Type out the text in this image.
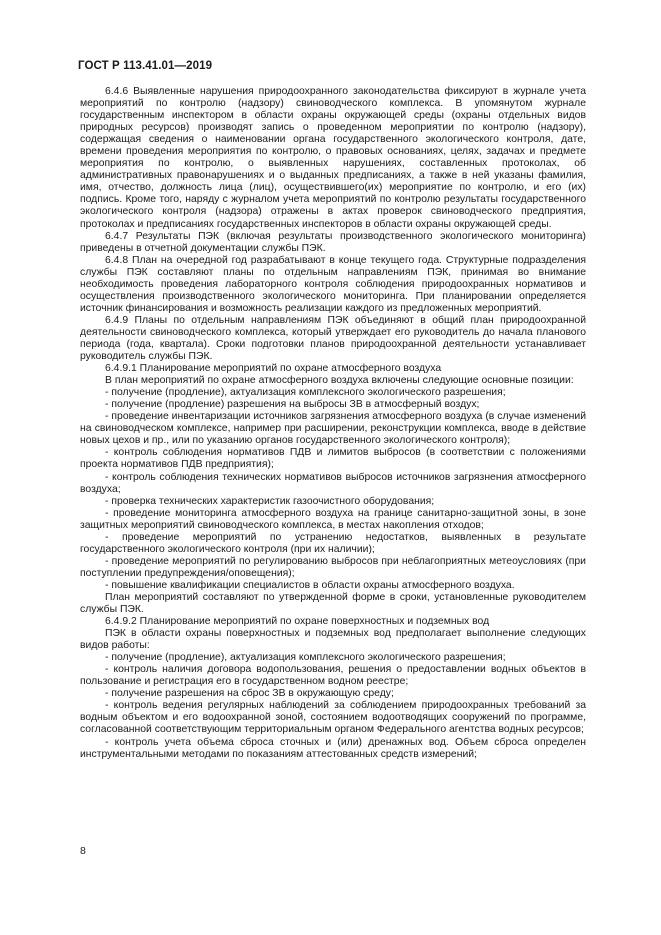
ГОСТ Р 113.41.01—2019

6.4.6 Выявленные нарушения природоохранного законодательства фиксируют в журнале учета мероприятий по контролю (надзору) свиноводческого комплекса. В упомянутом журнале государственным инспектором в области охраны окружающей среды (охраны отдельных видов природных ресурсов) производят запись о проведенном мероприятии по контролю (надзору), содержащая сведения о наименовании органа государственного экологического контроля, дате, времени проведения мероприятия по контролю, о правовых основаниях, целях, задачах и предмете мероприятия по контролю, о выявленных нарушениях, составленных протоколах, об административных правонарушениях и о выданных предписаниях, а также в ней указаны фамилия, имя, отчество, должность лица (лиц), осуществившего(их) мероприятие по контролю, и его (их) подпись. Кроме того, наряду с журналом учета мероприятий по контролю результаты государственного экологического контроля (надзора) отражены в актах проверок свиноводческого предприятия, протоколах и предписаниях государственных инспекторов в области охраны окружающей среды.

6.4.7 Результаты ПЭК (включая результаты производственного экологического мониторинга) приведены в отчетной документации службы ПЭК.

6.4.8 План на очередной год разрабатывают в конце текущего года. Структурные подразделения службы ПЭК составляют планы по отдельным направлениям ПЭК, принимая во внимание необходимость проведения лабораторного контроля соблюдения природоохранных нормативов и осуществления производственного экологического мониторинга. При планировании определяется источник финансирования и возможность реализации каждого из предложенных мероприятий.

6.4.9 Планы по отдельным направлениям ПЭК объединяют в общий план природоохранной деятельности свиноводческого комплекса, который утверждает его руководитель до начала планового периода (года, квартала). Сроки подготовки планов природоохранной деятельности устанавливает руководитель службы ПЭК.

6.4.9.1 Планирование мероприятий по охране атмосферного воздуха

В план мероприятий по охране атмосферного воздуха включены следующие основные позиции:

- получение (продление), актуализация комплексного экологического разрешения;

- получение (продление) разрешения на выбросы ЗВ в атмосферный воздух;

- проведение инвентаризации источников загрязнения атмосферного воздуха (в случае изменений на свиноводческом комплексе, например при расширении, реконструкции комплекса, вводе в действие новых цехов и пр., или по указанию органов государственного экологического контроля);

- контроль соблюдения нормативов ПДВ и лимитов выбросов (в соответствии с положениями проекта нормативов ПДВ предприятия);

- контроль соблюдения технических нормативов выбросов источников загрязнения атмосферного воздуха;

- проверка технических характеристик газоочистного оборудования;

- проведение мониторинга атмосферного воздуха на границе санитарно-защитной зоны, в зоне защитных мероприятий свиноводческого комплекса, в местах накопления отходов;

- проведение мероприятий по устранению недостатков, выявленных в результате государственного экологического контроля (при их наличии);

- проведение мероприятий по регулированию выбросов при неблагоприятных метеоусловиях (при поступлении предупреждения/оповещения);

- повышение квалификации специалистов в области охраны атмосферного воздуха.

План мероприятий составляют по утвержденной форме в сроки, установленные руководителем службы ПЭК.

6.4.9.2 Планирование мероприятий по охране поверхностных и подземных вод

ПЭК в области охраны поверхностных и подземных вод предполагает выполнение следующих видов работы:

- получение (продление), актуализация комплексного экологического разрешения;

- контроль наличия договора водопользования, решения о предоставлении водных объектов в пользование и регистрация его в государственном водном реестре;

- получение разрешения на сброс ЗВ в окружающую среду;

- контроль ведения регулярных наблюдений за соблюдением природоохранных требований за водным объектом и его водоохранной зоной, состоянием водоотводящих сооружений по программе, согласованной соответствующим территориальным органом Федерального агентства водных ресурсов;

- контроль учета объема сброса сточных и (или) дренажных вод. Объем сброса определен инструментальными методами по показаниям аттестованных средств измерений;

8
